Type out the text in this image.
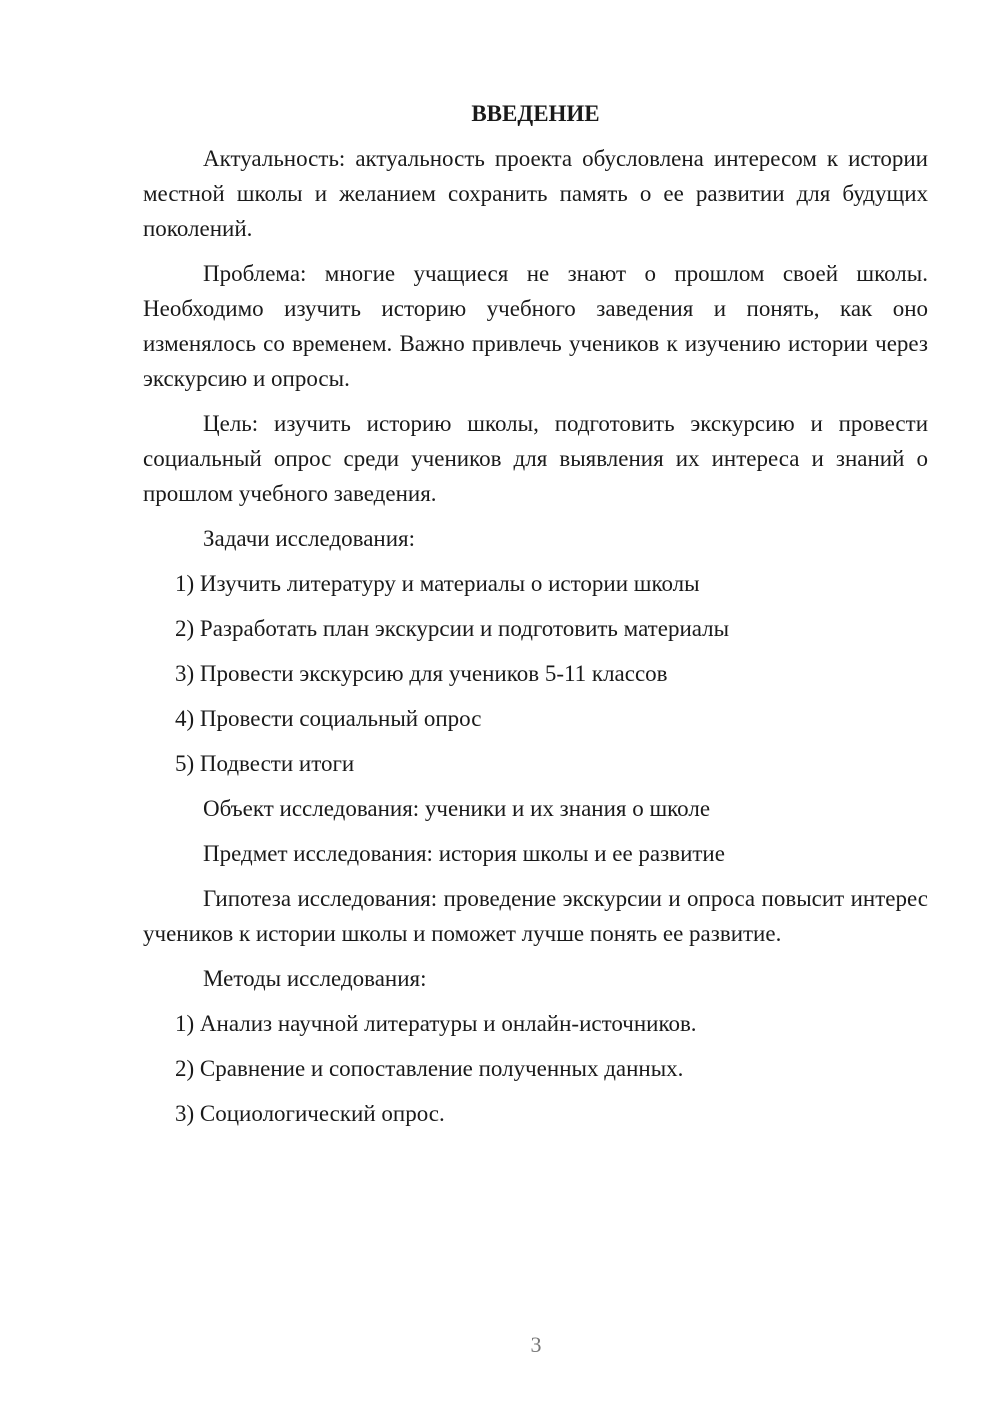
ВВЕДЕНИЕ

Актуальность: актуальность проекта обусловлена интересом к истории местной школы и желанием сохранить память о ее развитии для будущих поколений.

Проблема: многие учащиеся не знают о прошлом своей школы. Необходимо изучить историю учебного заведения и понять, как оно изменялось со временем. Важно привлечь учеников к изучению истории через экскурсию и опросы.

Цель: изучить историю школы, подготовить экскурсию и провести социальный опрос среди учеников для выявления их интереса и знаний о прошлом учебного заведения.

Задачи исследования:
1) Изучить литературу и материалы о истории школы
2) Разработать план экскурсии и подготовить материалы
3) Провести экскурсию для учеников 5-11 классов
4) Провести социальный опрос
5) Подвести итоги
Объект исследования: ученики и их знания о школе
Предмет исследования: история школы и ее развитие

Гипотеза исследования: проведение экскурсии и опроса повысит интерес учеников к истории школы и поможет лучше понять ее развитие.

Методы исследования:
1) Анализ научной литературы и онлайн-источников.
2) Сравнение и сопоставление полученных данных.
3) Социологический опрос.
3
